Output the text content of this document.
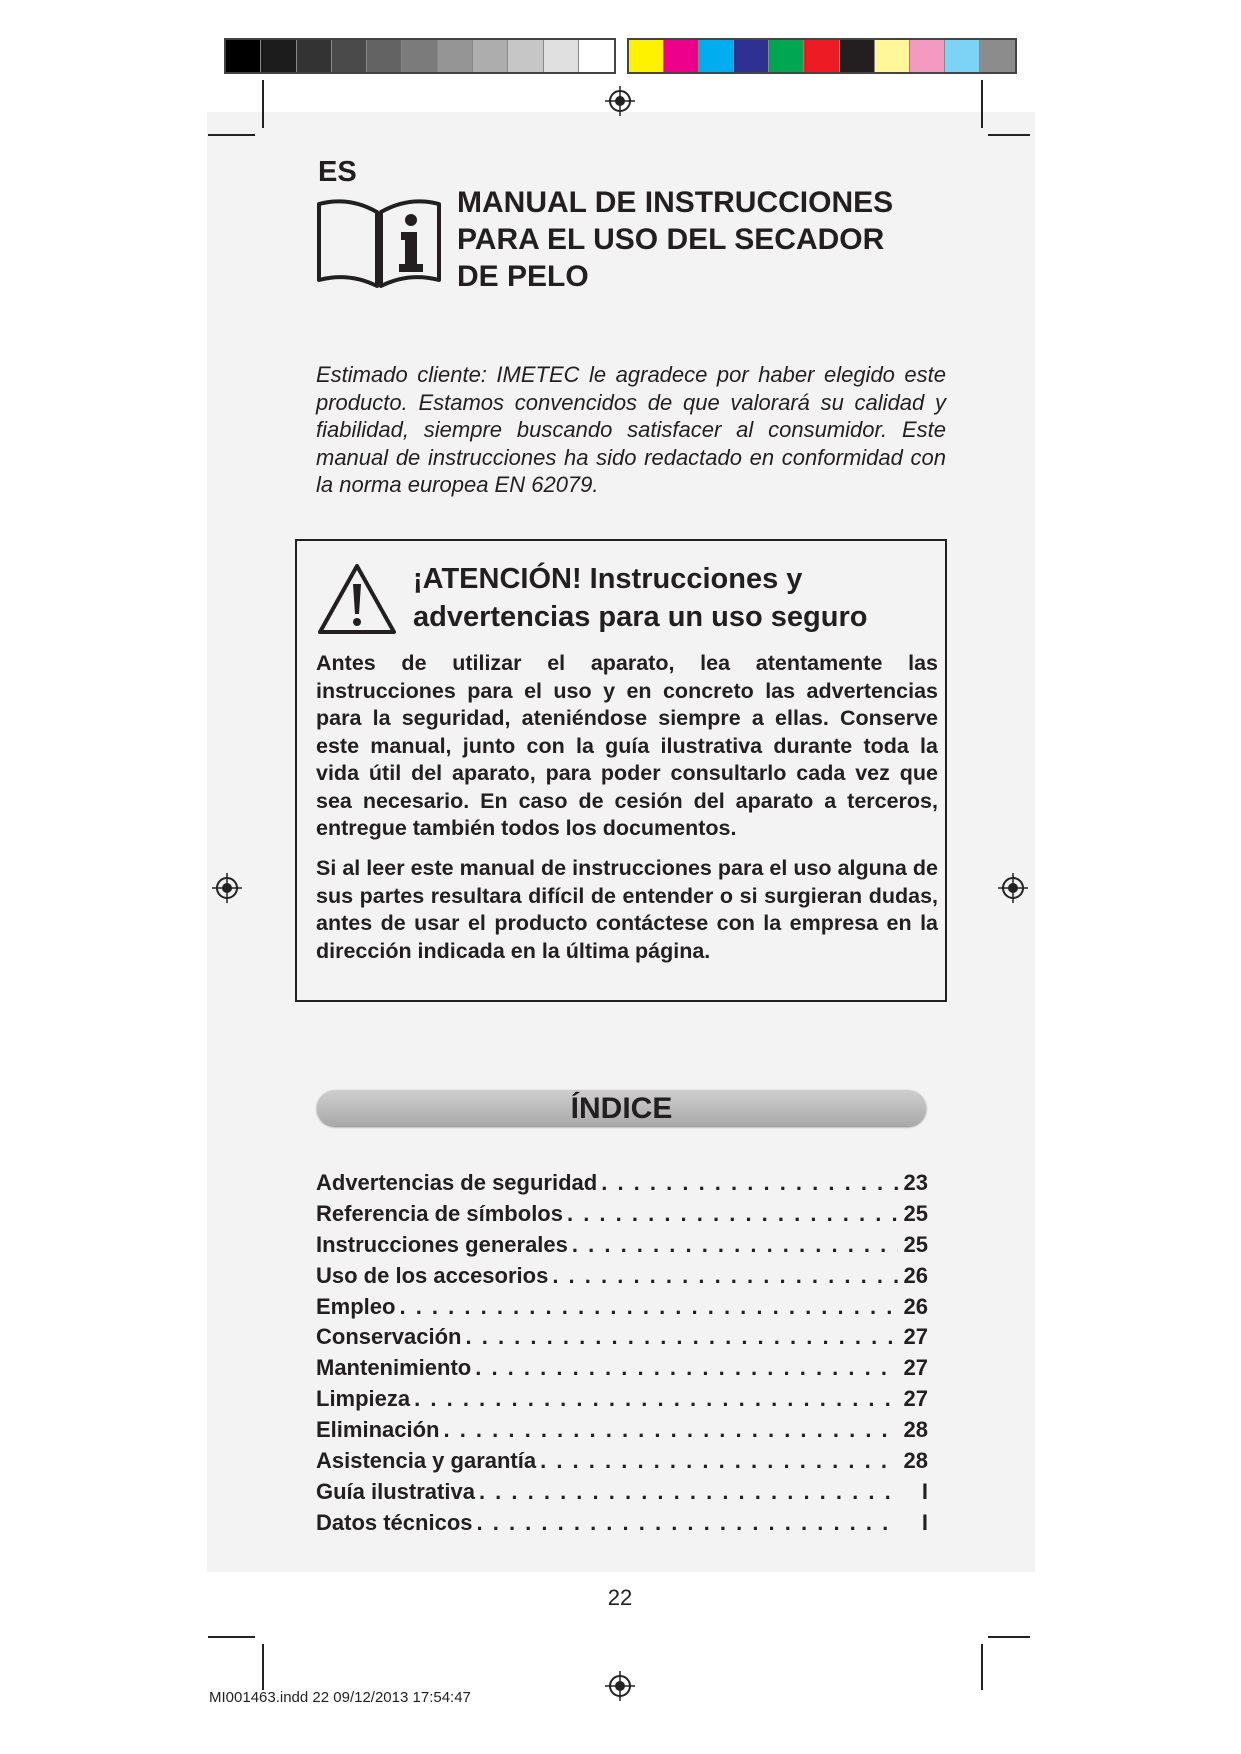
ES
MANUAL DE INSTRUCCIONES
PARA EL USO DEL SECADOR
DE PELO
Estimado cliente: IMETEC le agradece por haber elegido este producto. Estamos convencidos de que valorará su calidad y fiabilidad, siempre buscando satisfacer al consumidor. Este manual de instrucciones ha sido redactado en conformidad con la norma europea EN 62079.
¡ATENCIÓN! Instrucciones y
advertencias para un uso seguro

Antes de utilizar el aparato, lea atentamente las instrucciones para el uso y en concreto las advertencias para la seguridad, ateniéndose siempre a ellas. Conserve este manual, junto con la guía ilustrativa durante toda la vida útil del aparato, para poder consultarlo cada vez que sea necesario. En caso de cesión del aparato a terceros, entregue también todos los documentos.

Si al leer este manual de instrucciones para el uso alguna de sus partes resultara difícil de entender o si surgieran dudas, antes de usar el producto contáctese con la empresa en la dirección indicada en la última página.

ÍNDICE
Advertencias de seguridad . . .	23
Referencia de símbolos . . .	25
Instrucciones generales . . .	25
Uso de los accesorios . . .	26
Empleo . . .	26
Conservación . . .	27
Mantenimiento . . .	27
Limpieza . . .	27
Eliminación . . .	28
Asistencia y garantía . . .	28
Guía ilustrativa . . .	I
Datos técnicos . . .	I
22
MI001463.indd 22 09/12/2013 17:54:47
